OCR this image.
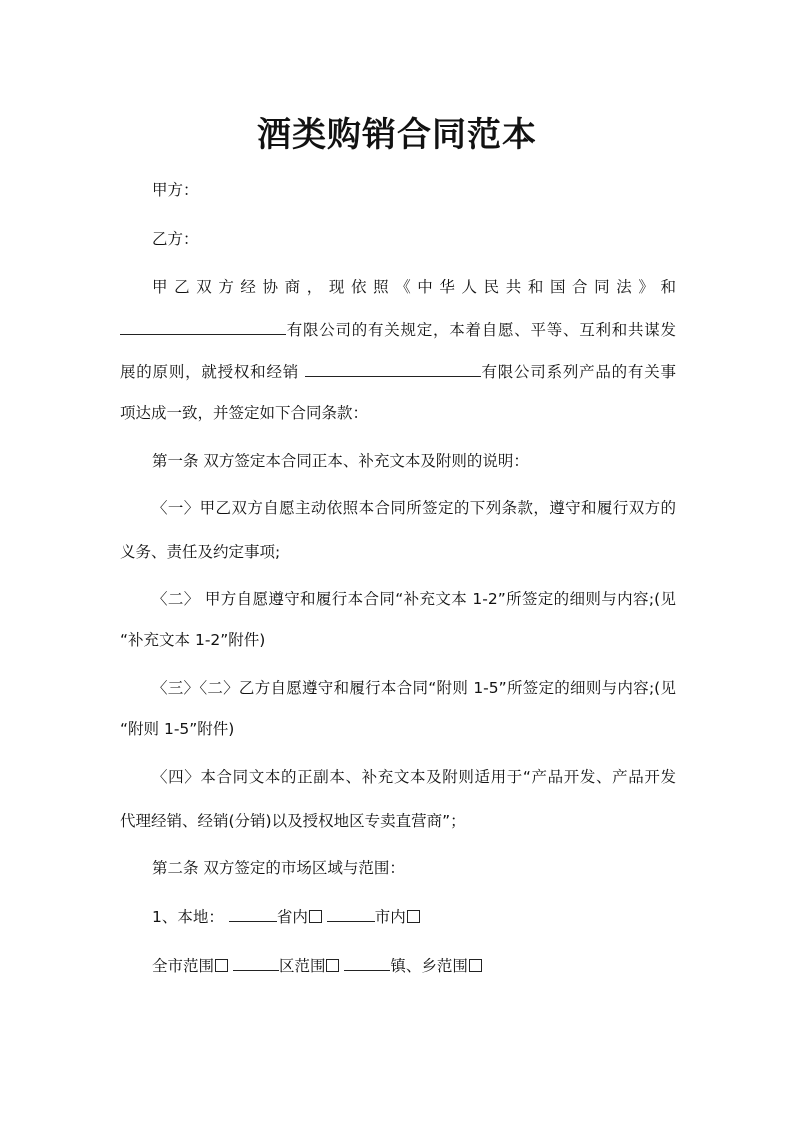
酒类购销合同范本

甲方：

乙方：

甲乙双方经协商，现依照《中华人民共和国合同法》和

有限公司的有关规定，本着自愿、平等、互利和共谋发

展的原则，就授权和经销	有限公司系列产品的有关事

项达成一致，并签定如下合同条款：

第一条 双方签定本合同正本、补充文本及附则的说明：

〈一〉甲乙双方自愿主动依照本合同所签定的下列条款，遵守和履行双方的

义务、责任及约定事项;

〈二〉 甲方自愿遵守和履行本合同“补充文本 1-2”所签定的细则与内容;(见

“补充文本 1-2”附件)

〈三〉〈二〉乙方自愿遵守和履行本合同“附则 1-5”所签定的细则与内容;(见

“附则 1-5”附件)

〈四〉本合同文本的正副本、补充文本及附则适用于“产品开发、产品开发

代理经销、经销(分销)以及授权地区专卖直营商”；

第二条 双方签定的市场区域与范围：

1、本地：	省内	市内

全市范围	区范围	镇、乡范围
